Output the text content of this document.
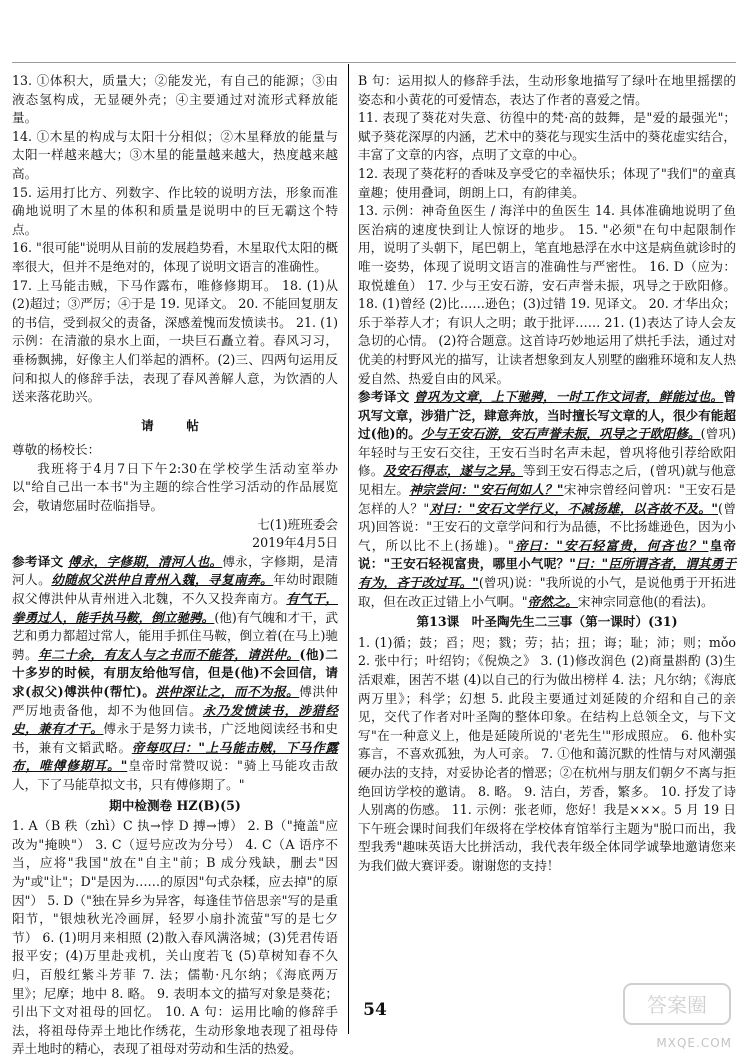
13. ①体积大，质量大；②能发光，有自己的能源；③由液态氢构成，无显硬外壳；④主要通过对流形式释放能量。

14. ①木星的构成与太阳十分相似；②木星释放的能量与太阳一样越来越大；③木星的能量越来越大，热度越来越高。

15. 运用打比方、列数字、作比较的说明方法，形象而准确地说明了木星的体积和质量是说明中的巨无霸这个特点。

16. "很可能"说明从目前的发展趋势看，木星取代太阳的概率很大，但并不是绝对的，体现了说明文语言的准确性。

17. 上马能击贼，下马作露布，唯修修期耳。 18. (1)从 (2)超过；③严厉；④于是 19. 见译文。 20. 不能回复朋友的书信，受到叔父的责备，深感羞愧而发愤读书。 21. (1)示例：在清澈的泉水上面，一块巨石矗立着。春风习习，垂杨飘拂，好像主人们举起的酒杯。(2)三、四两句运用反问和拟人的修辞手法，表现了春风善解人意，为饮酒的人送来落花助兴。

请　帖

尊敬的杨校长：

我班将于4月7日下午2:30在学校学生活动室举办以"给自己出一本书"为主题的综合性学习活动的作品展览会，敬请您届时莅临指导。

七(1)班班委会

2019年4月5日

参考译文 傅永，字修期，清河人也。傅永，字修期，是清河人。幼随叔父洪仲自青州入魏，寻复南奔。年幼时跟随叔父傅洪仲从青州进入北魏，不久又投奔南方。有气干，拳勇过人，能手执马鞍，倒立驰骋。(他)有气魄和才干，武艺和勇力都超过常人，能用手抓住马鞍，倒立着(在马上)驰骋。年二十余，有友人与之书而不能答，请洪仲。(他)二十多岁的时候，有朋友给他写信，但是(他)不会回信，请求(叔父)傅洪仲(帮忙)。洪仲深让之，而不为报。傅洪仲严厉地责备他，却不为他回信。永乃发愤读书，涉猎经史，兼有才干。傅永于是努力读书，广泛地阅读经书和史书，兼有文韬武略。帝每叹曰："上马能击贼，下马作露布，唯傅修期耳。"皇帝时常赞叹说："骑上马能攻击敌人，下了马能草拟文书，只有傅修期了。"

期中检测卷 HZ(B)(5)

1. A（B 秩（zhì）C 执→悖 D 搏→博） 2. B（"掩盖"应改为"掩映"） 3. C（逗号应改为分号） 4. C（A 语序不当，应将"我国"放在"自主"前；B 成分残缺，删去"因为"或"让"；D"是因为……的原因"句式杂糅，应去掉"的原因"） 5. D（"独在异乡为异客，每逢佳节倍思亲"写的是重阳节，"银烛秋光冷画屏，轻罗小扇扑流萤"写的是七夕节） 6. (1)明月来相照 (2)散入春风满洛城；(3)凭君传语报平安；(4)万里赴戎机，关山度若飞 (5)草树知春不久归，百般红紫斗芳菲 7. 法；儒勒·凡尔纳；《海底两万里》；尼摩；地中 8. 略。 9. 表明本文的描写对象是葵花；引出下文对祖母的回忆。 10. A 句：运用比喻的修辞手法，将祖母侍弄土地比作绣花，生动形象地表现了祖母侍弄土地时的精心，表现了祖母对劳动和生活的热爱。

B 句：运用拟人的修辞手法，生动形象地描写了绿叶在地里摇摆的姿态和小黄花的可爱情态，表达了作者的喜爱之情。

11. 表现了葵花对失意、彷徨中的梵·高的鼓舞，是"爱的最强光"；赋予葵花深厚的内涵，艺术中的葵花与现实生活中的葵花虚实结合，丰富了文章的内容，点明了文章的中心。

12. 表现了葵花籽的香味及享受它的幸福快乐；体现了"我们"的童真童趣；使用叠词，朗朗上口，有韵律美。

13. 示例：神奇鱼医生 / 海洋中的鱼医生 14. 具体准确地说明了鱼医治病的速度快到让人惊讶的地步。 15. "必须"在句中起限制作用，说明了头朝下，尾巴朝上，笔直地悬浮在水中这是病鱼就诊时的唯一姿势，体现了说明文语言的准确性与严密性。 16. D（应为：取悦雄鱼） 17. 少与王安石游，安石声誉未振，巩导之于欧阳修。 18. (1)曾经 (2)比……逊色；(3)过错 19. 见译文。 20. 才华出众；乐于举荐人才；有识人之明；敢于批评…… 21. (1)表达了诗人会友急切的心情。 (2)符合题意。这首诗巧妙地运用了烘托手法，通过对优美的村野风光的描写，让读者想象到友人别墅的幽雅环境和友人热爱自然、热爱自由的风采。

参考译文 曾巩为文章，上下驰骋，一时工作文词者，鲜能过也。曾巩写文章，涉猎广泛，肆意奔放，当时擅长写文章的人，很少有能超过(他)的。少与王安石游，安石声誉未振，巩导之于欧阳修。(曾巩)年轻时与王安石交往，王安石当时名声未起，曾巩将他引荐给欧阳修。及安石得志，遂与之异。等到王安石得志之后，(曾巩)就与他意见相左。神宗尝问："安石何如人？"宋神宗曾经问曾巩："王安石是怎样的人？"对曰："安石文学行义，不减扬雄，以吝故不及。"(曾巩)回答说："王安石的文章学问和行为品德，不比扬雄逊色，因为小气，所以比不上(扬雄)。"帝曰："安石轻富贵，何吝也？"皇帝说："王安石轻视富贵，哪里小气呢？"曰："臣所谓吝者，谓其勇于有为，吝于改过耳。"(曾巩)说："我所说的小气，是说他勇于开拓进取，但在改正过错上小气啊。"帝然之。宋神宗同意他(的看法)。

第13课　叶圣陶先生二三事（第一课时）(31)

1. (1)循；鼓；舀；咫；戮；劳；拈；扭；诲；耻；沛；则；mǒo 2. 张中行；叶绍钧；《倪焕之》 3. (1)修改润色 (2)商量斟酌 (3)生活艰难，困苦不堪 (4)以自己的行为做出榜样 4. 法；凡尔纳；《海底两万里》；科学；幻想 5. 此段主要通过刘延陵的介绍和自己的亲见，交代了作者对叶圣陶的整体印象。在结构上总领全文，与下文写"在一种意义上，他是延陵所说的'老先生'"形成照应。 6. 他朴实寡言，不喜欢孤独，为人可亲。 7. ①他和蔼沉默的性情与对风潮强硬办法的支持，对妥协论者的憎恶；②在杭州与朋友们朝夕不离与拒绝回访学校的邀请。 8. 略。 9. 洁白，芳香，繁多。 10. 抒发了诗人别离的伤感。 11. 示例：张老师，您好！我是×××。5 月 19 日下午班会课时间我们年级将在学校体育馆举行主题为"脱口而出，我型我秀"趣味英语大比拼活动，我代表年级全体同学诚挚地邀请您来为我们做大赛评委。谢谢您的支持！

54	答案圈
MXQE.COM
